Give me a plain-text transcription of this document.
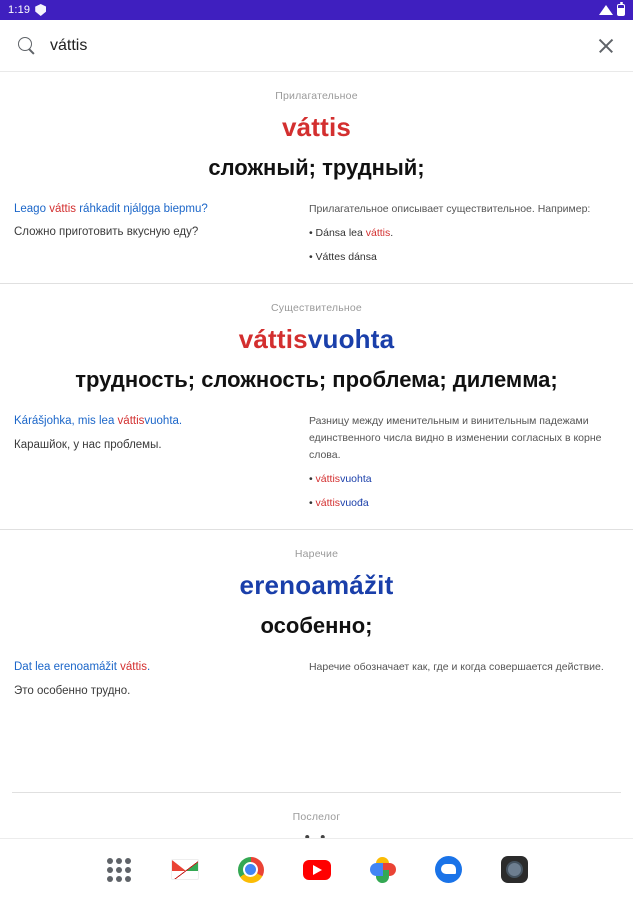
1:19
váttis
Прилагательное
váttis
сложный; трудный;
Leago váttis ráhkadit njálgga biepmu?
Сложно приготовить вкусную еду?
Прилагательное описывает существительное. Например:
• Dánsa lea váttis.
• Váttes dánsa
Существительное
váttisvuohta
трудность; сложность; проблема; дилемма;
Kárášjohka, mis lea váttisvuohta.
Карашйок, у нас проблемы.
Разницу между именительным и винительным падежами единственного числа видно в изменении согласных в корне слова.
• váttisvuohta
• váttisvuođa
Наречие
erenoamážit
особенно;
Dat lea erenoamážit váttis.
Это особенно трудно.
Наречие обозначает как, где и когда совершается действие.
Послелог
• •
